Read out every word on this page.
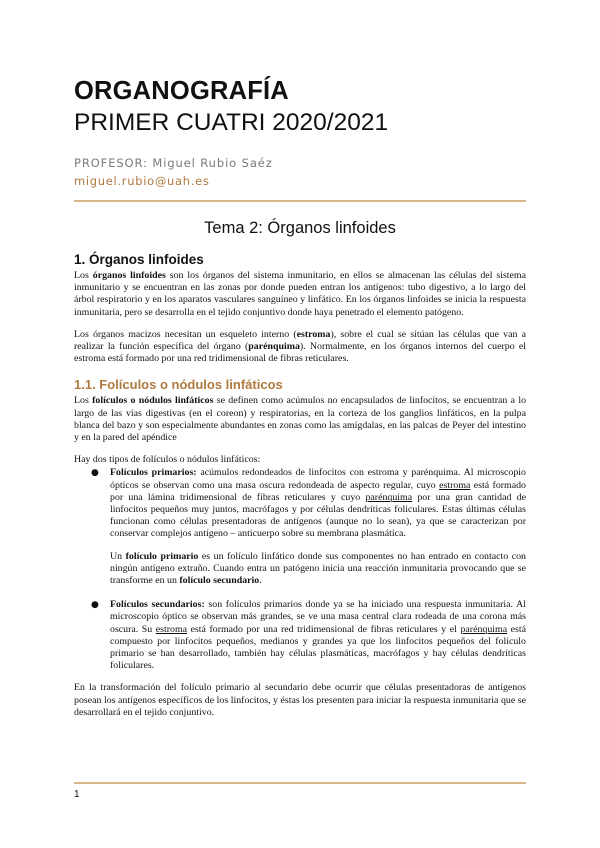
ORGANOGRAFÍA
PRIMER CUATRI 2020/2021
PROFESOR: Miguel Rubio Saéz
miguel.rubio@uah.es
Tema 2: Órganos linfoides
1. Órganos linfoides

Los órganos linfoides son los órganos del sistema inmunitario, en ellos se almacenan las células del sistema inmunitario y se encuentran en las zonas por donde pueden entran los antígenos: tubo digestivo, a lo largo del árbol respiratorio y en los aparatos vasculares sanguíneo y linfático. En los órganos linfoides se inicia la respuesta inmunitaria, pero se desarrolla en el tejido conjuntivo donde haya penetrado el elemento patógeno.

Los órganos macizos necesitan un esqueleto interno (estroma), sobre el cual se sitúan las células que van a realizar la función específica del órgano (parénquima). Normalmente, en los órganos internos del cuerpo el estroma está formado por una red tridimensional de fibras reticulares.

1.1. Folículos o nódulos linfáticos

Los folículos o nódulos linfáticos se definen como acúmulos no encapsulados de linfocitos, se encuentran a lo largo de las vías digestivas (en el coreon) y respiratorias, en la corteza de los ganglios linfáticos, en la pulpa blanca del bazo y son especialmente abundantes en zonas como las amígdalas, en las palcas de Peyer del intestino y en la pared del apéndice

Hay dos tipos de folículos o nódulos linfáticos:

● Folículos primarios: acúmulos redondeados de linfocitos con estroma y parénquima. Al microscopio ópticos se observan como una masa oscura redondeada de aspecto regular, cuyo estroma está formado por una lámina tridimensional de fibras reticulares y cuyo parénquima por una gran cantidad de linfocitos pequeños muy juntos, macrófagos y por células dendríticas foliculares. Estas últimas células funcionan como células presentadoras de antígenos (aunque no lo sean), ya que se caracterizan por conservar complejos antígeno – anticuerpo sobre su membrana plasmática.

Un folículo primario es un folículo linfático donde sus componentes no han entrado en contacto con ningún antígeno extraño. Cuando entra un patógeno inicia una reacción inmunitaria provocando que se transforme en un folículo secundario.

● Folículos secundarios: son folículos primarios donde ya se ha iniciado una respuesta inmunitaria. Al microscopio óptico se observan más grandes, se ve una masa central clara rodeada de una corona más oscura. Su estroma está formado por una red tridimensional de fibras reticulares y el parénquima está compuesto por linfocitos pequeños, medianos y grandes ya que los linfocitos pequeños del folículo primario se han desarrollado, también hay células plasmáticas, macrófagos y hay células dendríticas foliculares.

En la transformación del folículo primario al secundario debe ocurrir que células presentadoras de antígenos posean los antígenos específicos de los linfocitos, y éstas los presenten para iniciar la respuesta inmunitaria que se desarrollará en el tejido conjuntivo.

1
